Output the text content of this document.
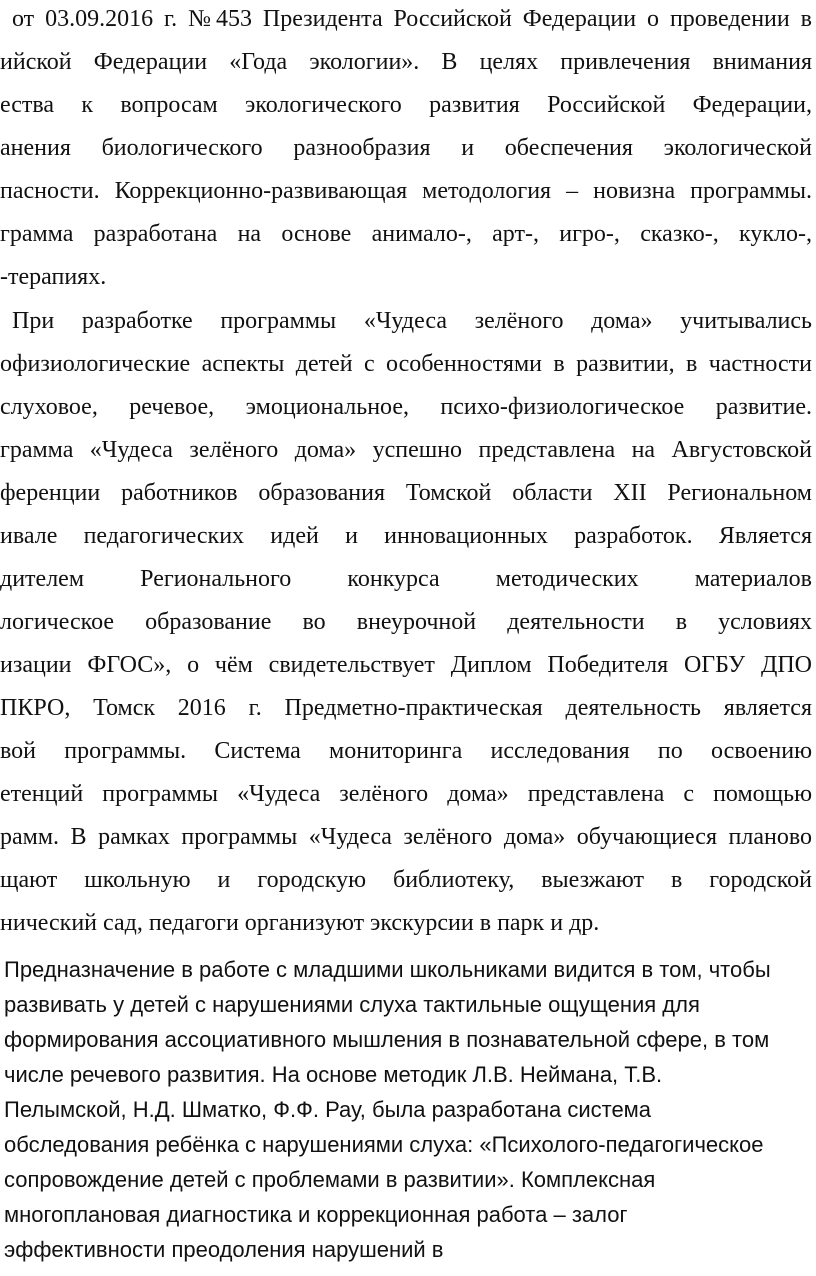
от 03.09.2016 г. №453 Президента Российской Федерации о проведении в

ийской Федерации «Года экологии». В целях привлечения внимания

ества к вопросам экологического развития Российской Федерации,

анения биологического разнообразия и обеспечения экологической

пасности. Коррекционно-развивающая методология – новизна программы.

грамма разработана на основе анимало-, арт-, игро-, сказко-, кукло-,

-терапиях.

При разработке программы «Чудеса зелёного дома» учитывались

офизиологические аспекты детей с особенностями в развитии, в частности

слуховое, речевое, эмоциональное, психо-физиологическое развитие.

грамма «Чудеса зелёного дома» успешно представлена на Августовской

ференции работников образования Томской области XII Региональном

ивале педагогических идей и инновационных разработок. Является

дителем Регионального конкурса методических материалов

логическое образование во внеурочной деятельности в условиях

изации ФГОС», о чём свидетельствует Диплом Победителя ОГБУ ДПО

ПКРО, Томск 2016 г. Предметно-практическая деятельность является

вой программы. Система мониторинга исследования по освоению

етенций программы «Чудеса зелёного дома» представлена с помощью

рамм. В рамках программы «Чудеса зелёного дома» обучающиеся планово

щают школьную и городскую библиотеку, выезжают в городской

нический сад, педагоги организуют экскурсии в парк и др.

Предназначение в работе с младшими школьниками видится в том, чтобы

развивать у детей с нарушениями слуха тактильные ощущения для

формирования ассоциативного мышления в познавательной сфере, в том

числе речевого развития. На основе методик Л.В. Неймана, Т.В.

Пелымской, Н.Д. Шматко, Ф.Ф. Рау, была разработана система

обследования ребёнка с нарушениями слуха: «Психолого-педагогическое

сопровождение детей с проблемами в развитии». Комплексная

многоплановая диагностика и коррекционная работа – залог

эффективности преодоления нарушений в
